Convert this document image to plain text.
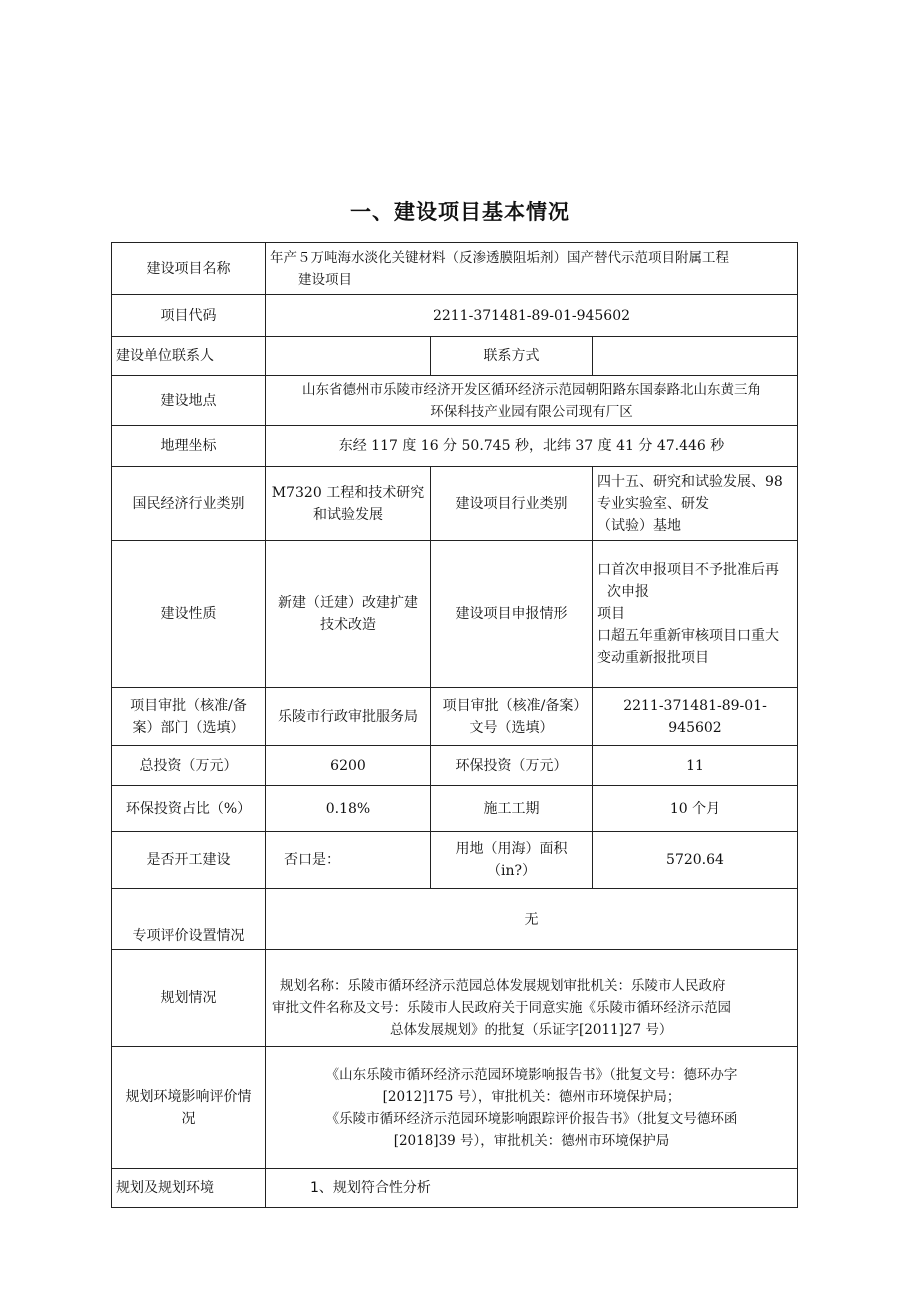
一、建设项目基本情况
建设项目名称	年产５万吨海水淡化关键材料（反渗透膜阻垢剂）国产替代示范项目附属工程
建设项目		

项目代码	2211-371481-89-01-945602		
建设单位联系人		联系方式	
建设地点	山东省德州市乐陵市经济开发区循环经济示范园朝阳路东国泰路北山东黄三角
环保科技产业园有限公司现有厂区		

地理坐标	东经 117 度 16 分 50.745 秒，北纬 37 度 41 分 47.446 秒		
国民经济行业类别	M7320 工程和技术研究和试验发展	建设项目行业类别	四十五、研究和试验发展、98 专业实验室、研发
（试验）基地

建设性质	新建（迁建）改建扩建技术改造	建设项目申报情形	口首次申报项目不予批准后再
次申报
项目
口超五年重新审核项目口重大
变动重新报批项目

项目审批（核准/备案）部门（选填）	乐陵市行政审批服务局	项目审批（核准/备案）文号（选填）	2211-371481-89-01-945602
总投资（万元）	6200	环保投资（万元）	11
环保投资占比（%）	0.18%	施工工期	10 个月
是否开工建设	否口是：	用地（用海）面积（in?）	5720.64
专项评价设置情况	无		
规划情况	规划名称：乐陵市循环经济示范园总体发展规划审批机关：乐陵市人民政府
审批文件名称及文号：乐陵市人民政府关于同意实施《乐陵市循环经济示范园
总体发展规划》的批复（乐证字[2011]27 号）		

规划环境影响评价情况	《山东乐陵市循环经济示范园环境影响报告书》（批复文号：德环办字
[2012]175 号），审批机关：德州市环境保护局；
《乐陵市循环经济示范园环境影响跟踪评价报告书》（批复文号德环函
[2018]39 号），审批机关：德州市环境保护局		

规划及规划环境	1、规划符合性分析		
